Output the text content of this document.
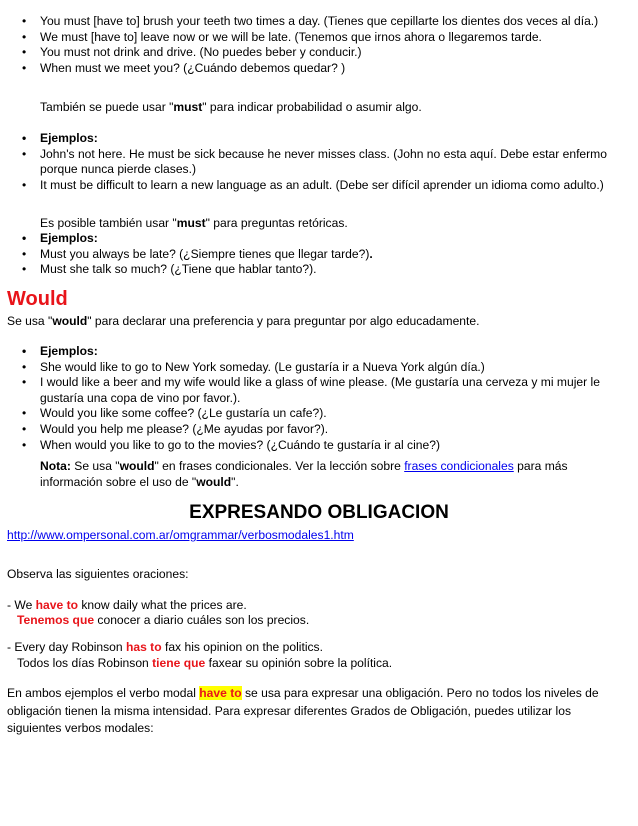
• You must [have to] brush your teeth two times a day. (Tienes que cepillarte los dientes dos veces al día.)
• We must [have to] leave now or we will be late. (Tenemos que irnos ahora o llegaremos tarde.
• You must not drink and drive. (No puedes beber y conducir.)
• When must we meet you? (¿Cuándo debemos quedar? )
También se puede usar "must" para indicar probabilidad o asumir algo.
• Ejemplos:
• John's not here. He must be sick because he never misses class. (John no esta aquí. Debe estar enfermo porque nunca pierde clases.)
• It must be difficult to learn a new language as an adult. (Debe ser difícil aprender un idioma como adulto.)
Es posible también usar "must" para preguntas retóricas.
• Ejemplos:
• Must you always be late? (¿Siempre tienes que llegar tarde?).
• Must she talk so much? (¿Tiene que hablar tanto?).
Would
Se usa "would" para declarar una preferencia y para preguntar por algo educadamente.
• Ejemplos:
• She would like to go to New York someday. (Le gustaría ir a Nueva York algún día.)
• I would like a beer and my wife would like a glass of wine please. (Me gustaría una cerveza y mi mujer le gustaría una copa de vino por favor.).
• Would you like some coffee? (¿Le gustaría un cafe?).
• Would you help me please? (¿Me ayudas por favor?).
• When would you like to go to the movies? (¿Cuándo te gustaría ir al cine?)
Nota: Se usa "would" en frases condicionales. Ver la lección sobre frases condicionales para más información sobre el uso de "would".
EXPRESANDO OBLIGACION
http://www.ompersonal.com.ar/omgrammar/verbosmodales1.htm
Observa las siguientes oraciones:
- We have to know daily what the prices are.
Tenemos que conocer a diario cuáles son los precios.
- Every day Robinson has to fax his opinion on the politics.
Todos los días Robinson tiene que faxear su opinión sobre la política.
En ambos ejemplos el verbo modal have to se usa para expresar una obligación. Pero no todos los niveles de obligación tienen la misma intensidad. Para expresar diferentes Grados de Obligación, puedes utilizar los siguientes verbos modales:
